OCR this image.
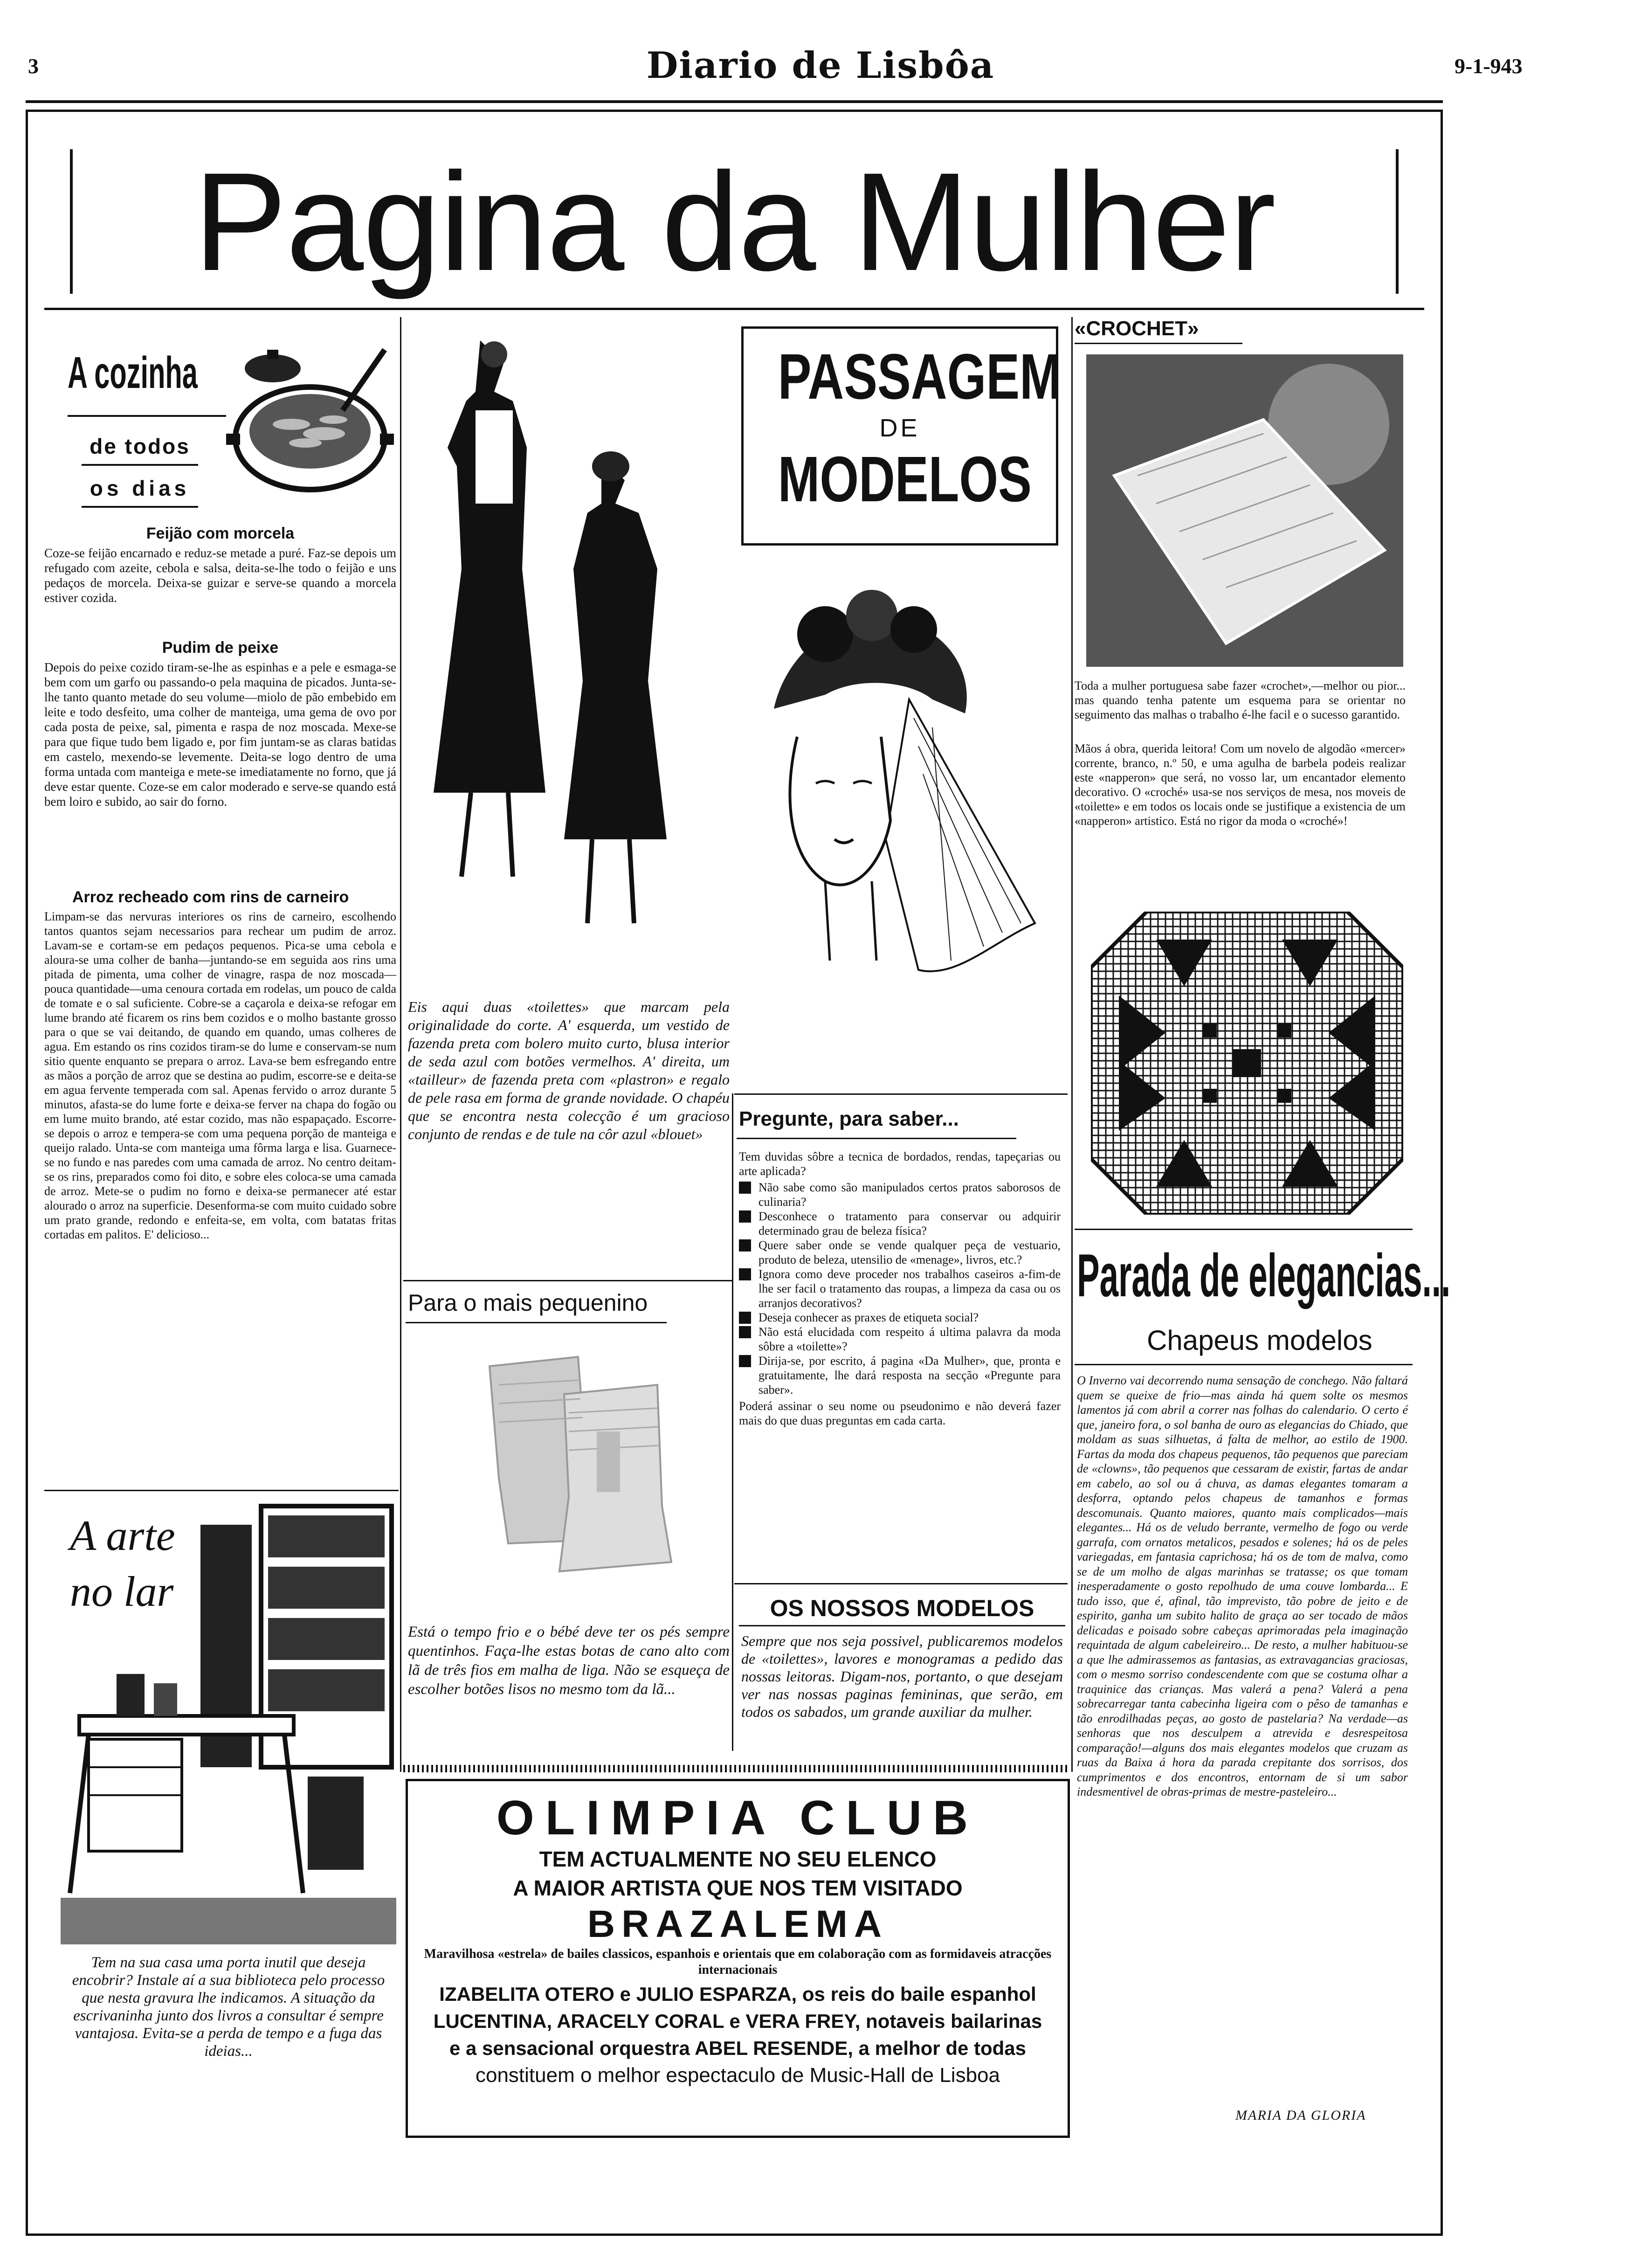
3	Diario de Lisbôa	9-1-943
Pagina da Mulher
A cozinha
de todos
os dias
Feijão com morcela
Coze-se feijão encarnado e reduz-se metade a puré. Faz-se depois um refugado com azeite, cebola e salsa, deita-se-lhe todo o feijão e uns pedaços de morcela. Deixa-se guizar e serve-se quando a morcela estiver cozida.
Pudim de peixe
Depois do peixe cozido tiram-se-lhe as espinhas e a pele e esmaga-se bem com um garfo ou passando-o pela maquina de picados. Junta-se-lhe tanto quanto metade do seu volume—miolo de pão embebido em leite e todo desfeito, uma colher de manteiga, uma gema de ovo por cada posta de peixe, sal, pimenta e raspa de noz moscada. Mexe-se para que fique tudo bem ligado e, por fim juntam-se as claras batidas em castelo, mexendo-se levemente. Deita-se logo dentro de uma forma untada com manteiga e mete-se imediatamente no forno, que já deve estar quente. Coze-se em calor moderado e serve-se quando está bem loiro e subido, ao sair do forno.
Arroz recheado com rins de carneiro
Limpam-se das nervuras interiores os rins de carneiro, escolhendo tantos quantos sejam necessarios para rechear um pudim de arroz. Lavam-se e cortam-se em pedaços pequenos. Pica-se uma cebola e aloura-se uma colher de banha—juntando-se em seguida aos rins uma pitada de pimenta, uma colher de vinagre, raspa de noz moscada—pouca quantidade—uma cenoura cortada em rodelas, um pouco de calda de tomate e o sal suficiente. Cobre-se a caçarola e deixa-se refogar em lume brando até ficarem os rins bem cozidos e o molho bastante grosso para o que se vai deitando, de quando em quando, umas colheres de agua. Em estando os rins cozidos tiram-se do lume e conservam-se num sitio quente enquanto se prepara o arroz. Lava-se bem esfregando entre as mãos a porção de arroz que se destina ao pudim, escorre-se e deita-se em agua fervente temperada com sal. Apenas fervido o arroz durante 5 minutos, afasta-se do lume forte e deixa-se ferver na chapa do fogão ou em lume muito brando, até estar cozido, mas não espapaçado. Escorre-se depois o arroz e tempera-se com uma pequena porção de manteiga e queijo ralado. Unta-se com manteiga uma fôrma larga e lisa. Guarnece-se no fundo e nas paredes com uma camada de arroz. No centro deitam-se os rins, preparados como foi dito, e sobre eles coloca-se uma camada de arroz. Mete-se o pudim no forno e deixa-se permanecer até estar alourado o arroz na superficie. Desenforma-se com muito cuidado sobre um prato grande, redondo e enfeita-se, em volta, com batatas fritas cortadas em palitos. E' delicioso...
A arte
no lar
Tem na sua casa uma porta inutil que deseja encobrir? Instale aí a sua biblioteca pelo processo que nesta gravura lhe indicamos. A situação da escrivaninha junto dos livros a consultar é sempre vantajosa. Evita-se a perda de tempo e a fuga das ideias...
Eis aqui duas «toilettes» que marcam pela originalidade do corte. A' esquerda, um vestido de fazenda preta com bolero muito curto, blusa interior de seda azul com botões vermelhos. A' direita, um «tailleur» de fazenda preta com «plastron» e regalo de pele rasa em forma de grande novidade. O chapéu que se encontra nesta colecção é um gracioso conjunto de rendas e de tule na côr azul «blouet»
PASSAGEM
DE
MODELOS
Pregunte, para saber...
Tem duvidas sôbre a tecnica de bordados, rendas, tapeçarias ou arte aplicada?
Não sabe como são manipulados certos pratos saborosos de culinaria?
Desconhece o tratamento para conservar ou adquirir determinado grau de beleza física?
Quere saber onde se vende qualquer peça de vestuario, produto de beleza, utensilio de «menage», livros, etc.?
Ignora como deve proceder nos trabalhos caseiros a-fim-de lhe ser facil o tratamento das roupas, a limpeza da casa ou os arranjos decorativos?
Deseja conhecer as praxes de etiqueta social?
Não está elucidada com respeito á ultima palavra da moda sôbre a «toilette»?
Dirija-se, por escrito, á pagina «Da Mulher», que, pronta e gratuitamente, lhe dará resposta na secção «Pregunte para saber».
Poderá assinar o seu nome ou pseudonimo e não deverá fazer mais do que duas preguntas em cada carta.
Para o mais pequenino
Está o tempo frio e o bébé deve ter os pés sempre quentinhos. Faça-lhe estas botas de cano alto com lã de três fios em malha de liga. Não se esqueça de escolher botões lisos no mesmo tom da lã...
OS NOSSOS MODELOS
Sempre que nos seja possivel, publicaremos modelos de «toilettes», lavores e monogramas a pedido das nossas leitoras. Digam-nos, portanto, o que desejam ver nas nossas paginas femininas, que serão, em todos os sabados, um grande auxiliar da mulher.
OLIMPIA CLUB
TEM ACTUALMENTE NO SEU ELENCO
A MAIOR ARTISTA QUE NOS TEM VISITADO
BRAZALEMA
Maravilhosa «estrela» de bailes classicos, espanhois e orientais que em colaboração com as formidaveis atracções internacionais
IZABELITA OTERO e JULIO ESPARZA, os reis do baile espanhol
LUCENTINA, ARACELY CORAL e VERA FREY, notaveis bailarinas
e a sensacional orquestra ABEL RESENDE, a melhor de todas
constituem o melhor espectaculo de Music-Hall de Lisboa
«CROCHET»
Toda a mulher portuguesa sabe fazer «crochet»,—melhor ou pior... mas quando tenha patente um esquema para se orientar no seguimento das malhas o trabalho é-lhe facil e o sucesso garantido.
Mãos á obra, querida leitora! Com um novelo de algodão «mercer» corrente, branco, n.º 50, e uma agulha de barbela podeis realizar este «napperon» que será, no vosso lar, um encantador elemento decorativo. O «croché» usa-se nos serviços de mesa, nos moveis de «toilette» e em todos os locais onde se justifique a existencia de um «napperon» artistico. Está no rigor da moda o «croché»!
Parada de elegancias...
Chapeus modelos
O Inverno vai decorrendo numa sensação de conchego. Não faltará quem se queixe de frio—mas ainda há quem solte os mesmos lamentos já com abril a correr nas folhas do calendario. O certo é que, janeiro fora, o sol banha de ouro as elegancias do Chiado, que moldam as suas silhuetas, á falta de melhor, ao estilo de 1900. Fartas da moda dos chapeus pequenos, tão pequenos que pareciam de «clowns», tão pequenos que cessaram de existir, fartas de andar em cabelo, ao sol ou á chuva, as damas elegantes tomaram a desforra, optando pelos chapeus de tamanhos e formas descomunais. Quanto maiores, quanto mais complicados—mais elegantes... Há os de veludo berrante, vermelho de fogo ou verde garrafa, com ornatos metalicos, pesados e solenes; há os de peles variegadas, em fantasia caprichosa; há os de tom de malva, como se de um molho de algas marinhas se tratasse; os que tomam inesperadamente o gosto repolhudo de uma couve lombarda... E tudo isso, que é, afinal, tão imprevisto, tão pobre de jeito e de espirito, ganha um subito halito de graça ao ser tocado de mãos delicadas e poisado sobre cabeças aprimoradas pela imaginação requintada de algum cabeleireiro... De resto, a mulher habituou-se a que lhe admirassemos as fantasias, as extravagancias graciosas, com o mesmo sorriso condescendente com que se costuma olhar a traquinice das crianças. Mas valerá a pena? Valerá a pena sobrecarregar tanta cabecinha ligeira com o pêso de tamanhas e tão enrodilhadas peças, ao gosto de pastelaria? Na verdade—as senhoras que nos desculpem a atrevida e desrespeitosa comparação!—alguns dos mais elegantes modelos que cruzam as ruas da Baixa á hora da parada crepitante dos sorrisos, dos cumprimentos e dos encontros, entornam de si um sabor indesmentivel de obras-primas de mestre-pasteleiro...
MARIA DA GLORIA
